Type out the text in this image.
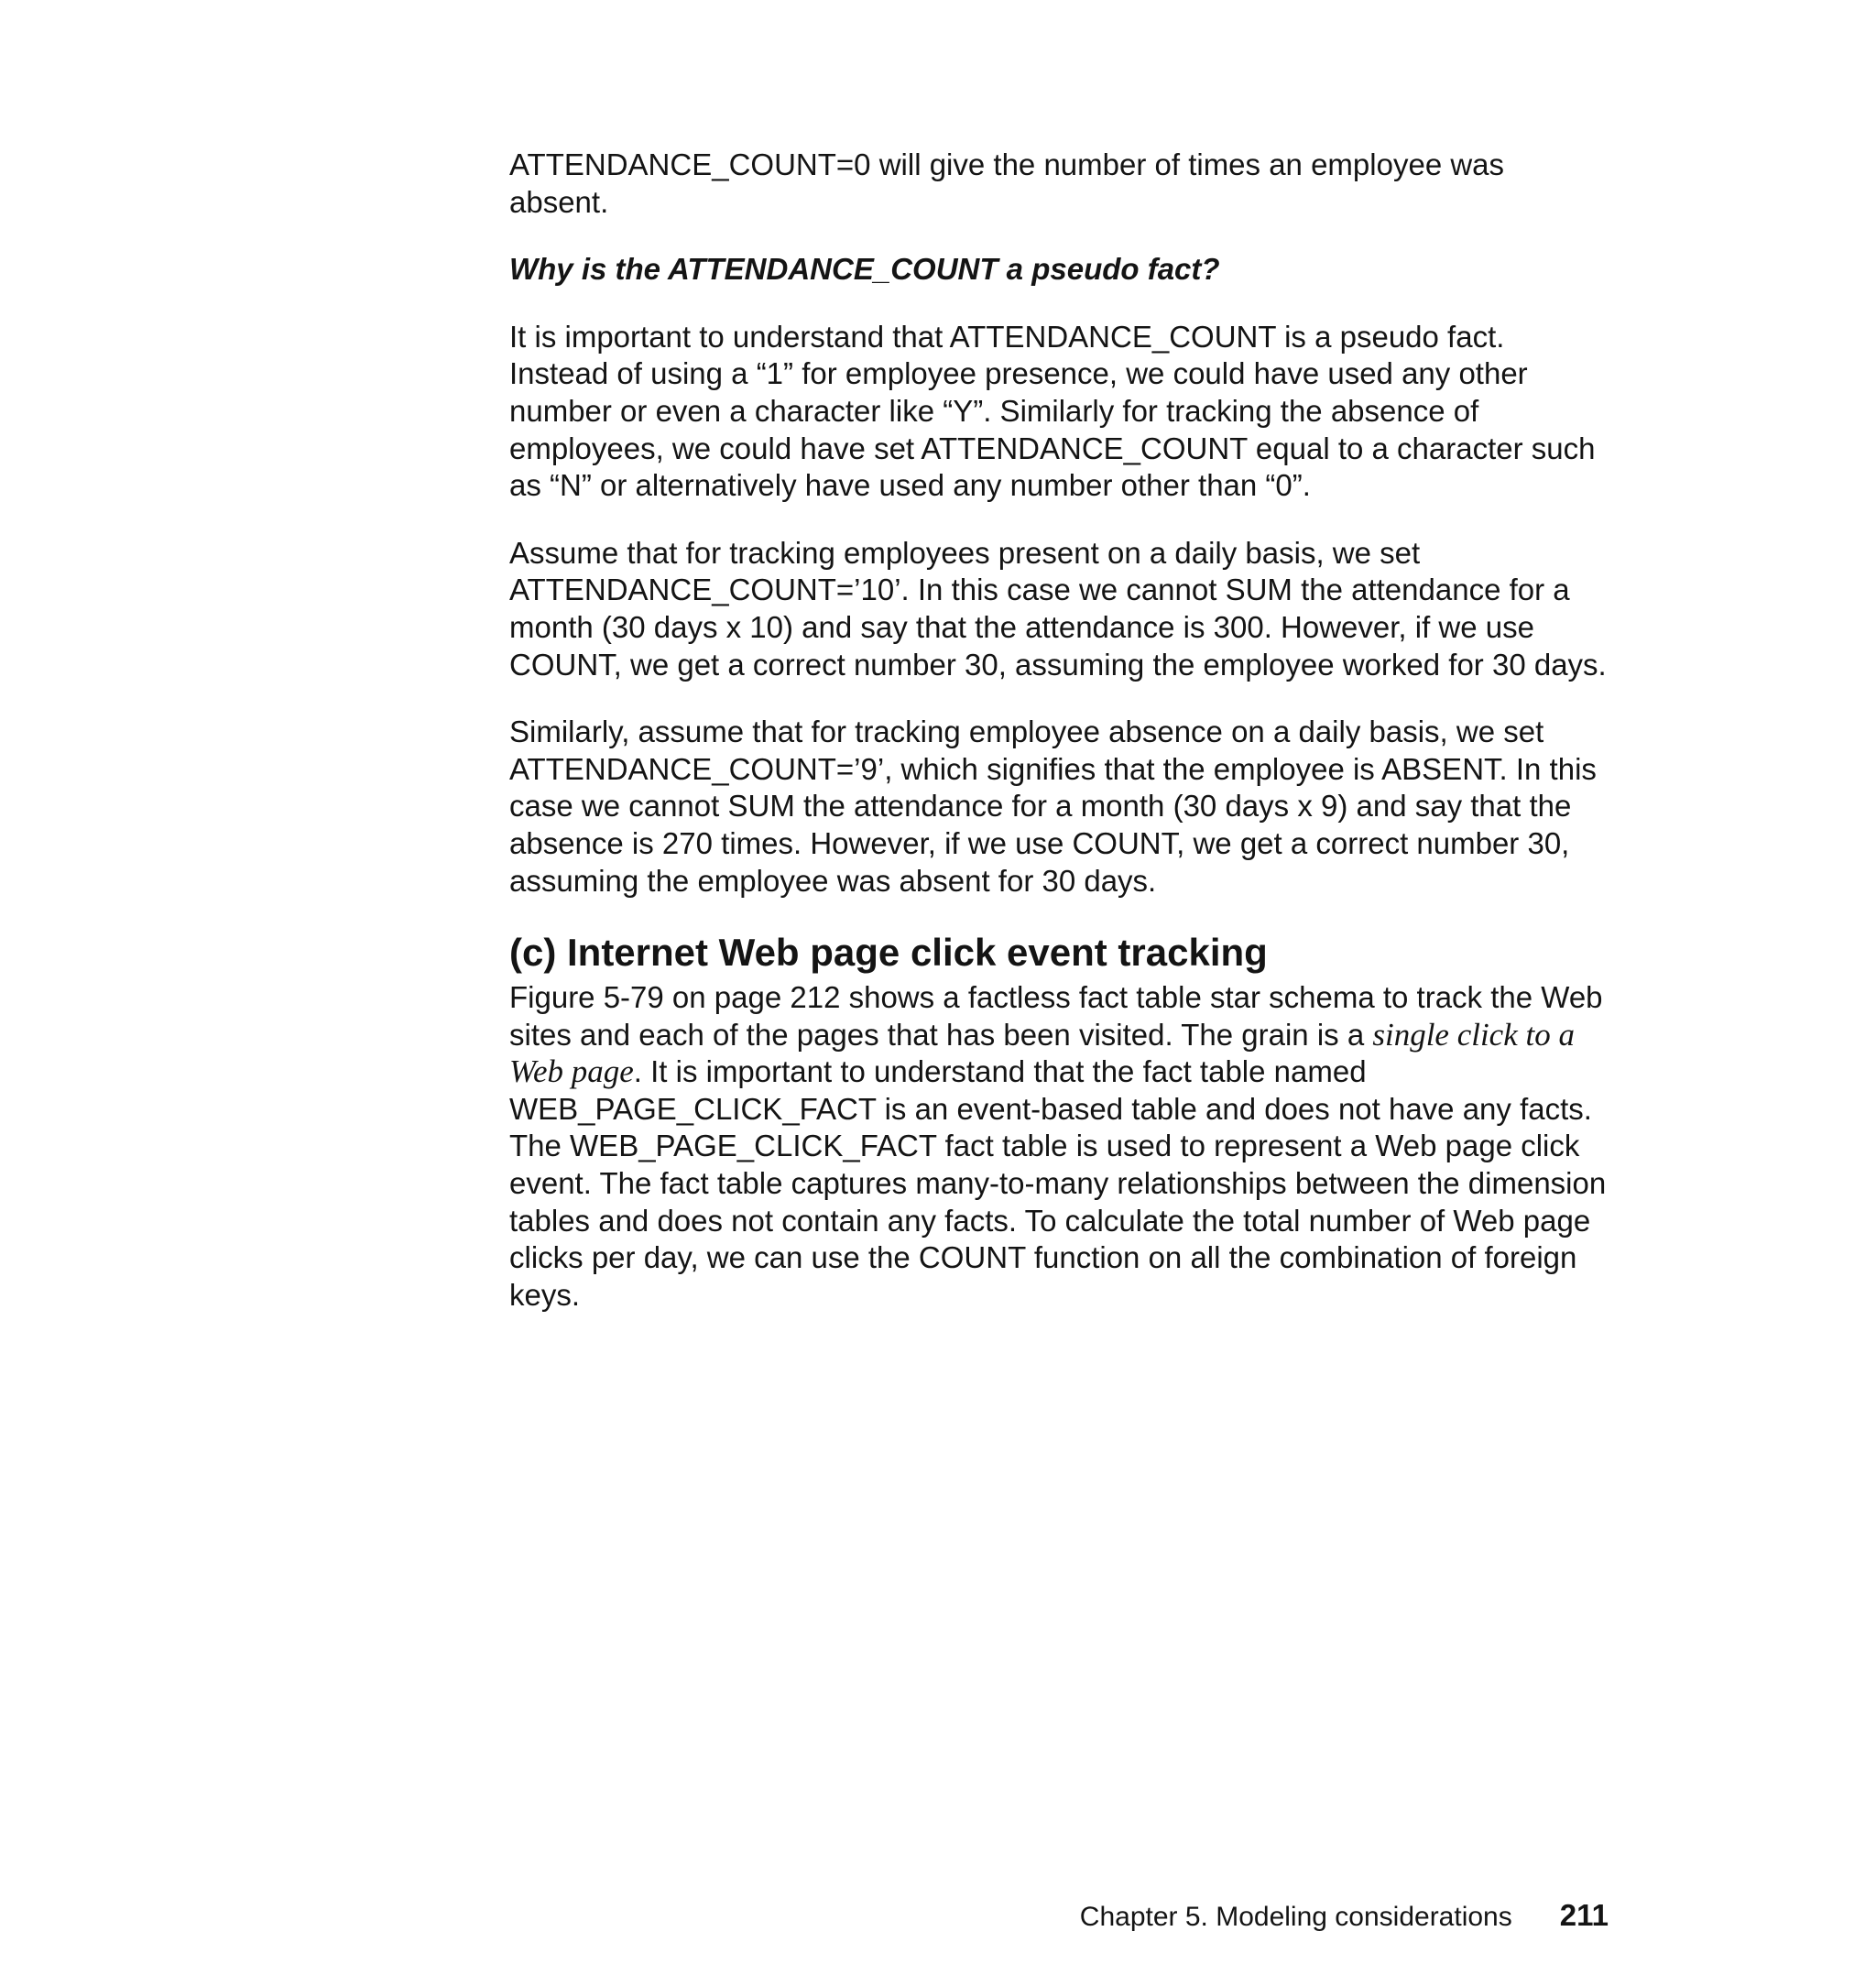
ATTENDANCE_COUNT=0 will give the number of times an employee was absent.

Why is the ATTENDANCE_COUNT a pseudo fact?

It is important to understand that ATTENDANCE_COUNT is a pseudo fact. Instead of using a “1” for employee presence, we could have used any other number or even a character like “Y”. Similarly for tracking the absence of employees, we could have set ATTENDANCE_COUNT equal to a character such as “N” or alternatively have used any number other than “0”.

Assume that for tracking employees present on a daily basis, we set ATTENDANCE_COUNT=’10’. In this case we cannot SUM the attendance for a month (30 days x 10) and say that the attendance is 300. However, if we use COUNT, we get a correct number 30, assuming the employee worked for 30 days.

Similarly, assume that for tracking employee absence on a daily basis, we set ATTENDANCE_COUNT=’9’, which signifies that the employee is ABSENT. In this case we cannot SUM the attendance for a month (30 days x 9) and say that the absence is 270 times. However, if we use COUNT, we get a correct number 30, assuming the employee was absent for 30 days.

(c) Internet Web page click event tracking

Figure 5-79 on page 212 shows a factless fact table star schema to track the Web sites and each of the pages that has been visited. The grain is a single click to a Web page. It is important to understand that the fact table named WEB_PAGE_CLICK_FACT is an event-based table and does not have any facts. The WEB_PAGE_CLICK_FACT fact table is used to represent a Web page click event. The fact table captures many-to-many relationships between the dimension tables and does not contain any facts. To calculate the total number of Web page clicks per day, we can use the COUNT function on all the combination of foreign keys.

Chapter 5. Modeling considerations 211
